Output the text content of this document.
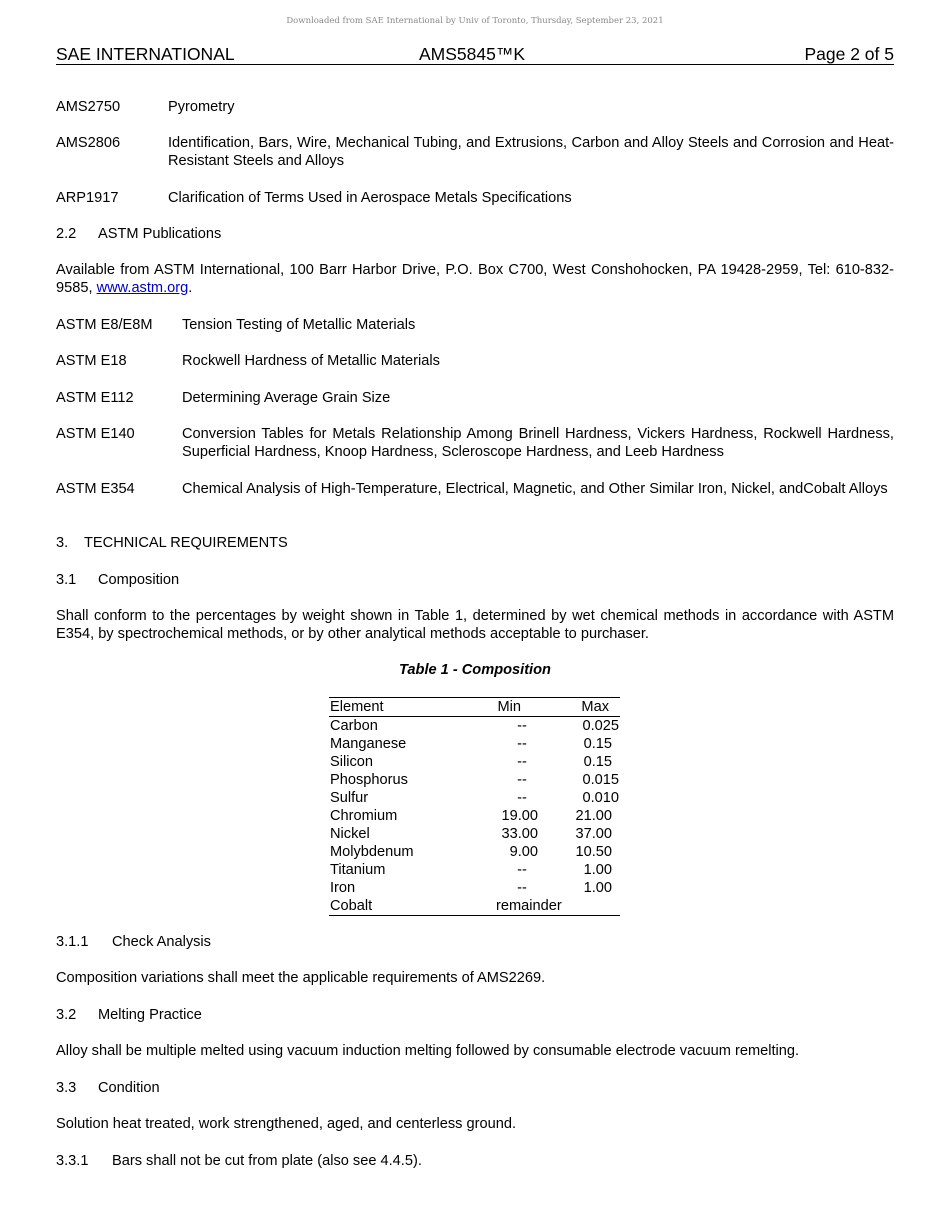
Downloaded from SAE International by Univ of Toronto, Thursday, September 23, 2021
SAE INTERNATIONAL	AMS5845™K	Page 2 of 5
AMS2750	Pyrometry
AMS2806	Identification, Bars, Wire, Mechanical Tubing, and Extrusions, Carbon and Alloy Steels and Corrosion and Heat-Resistant Steels and Alloys
ARP1917	Clarification of Terms Used in Aerospace Metals Specifications
2.2 ASTM Publications
Available from ASTM International, 100 Barr Harbor Drive, P.O. Box C700, West Conshohocken, PA 19428-2959, Tel: 610-832-9585, www.astm.org.
ASTM E8/E8M Tension Testing of Metallic Materials
ASTM E18	Rockwell Hardness of Metallic Materials
ASTM E112	Determining Average Grain Size
ASTM E140	Conversion Tables for Metals Relationship Among Brinell Hardness, Vickers Hardness, Rockwell Hardness, Superficial Hardness, Knoop Hardness, Scleroscope Hardness, and Leeb Hardness
ASTM E354	Chemical Analysis of High-Temperature, Electrical, Magnetic, and Other Similar Iron, Nickel, andCobalt Alloys
3. TECHNICAL REQUIREMENTS
3.1 Composition
Shall conform to the percentages by weight shown in Table 1, determined by wet chemical methods in accordance with ASTM E354, by spectrochemical methods, or by other analytical methods acceptable to purchaser.
Table 1 - Composition
Element	Min	Max
Carbon	--	0.025
Manganese	--	0.15
Silicon	--	0.15
Phosphorus	--	0.015
Sulfur	--	0.010
Chromium	19.00	21.00
Nickel	33.00	37.00
Molybdenum	9.00	10.50
Titanium	--	1.00
Iron	--	1.00
Cobalt	remainder
3.1.1 Check Analysis
Composition variations shall meet the applicable requirements of AMS2269.
3.2 Melting Practice
Alloy shall be multiple melted using vacuum induction melting followed by consumable electrode vacuum remelting.
3.3 Condition
Solution heat treated, work strengthened, aged, and centerless ground.
3.3.1 Bars shall not be cut from plate (also see 4.4.5).
